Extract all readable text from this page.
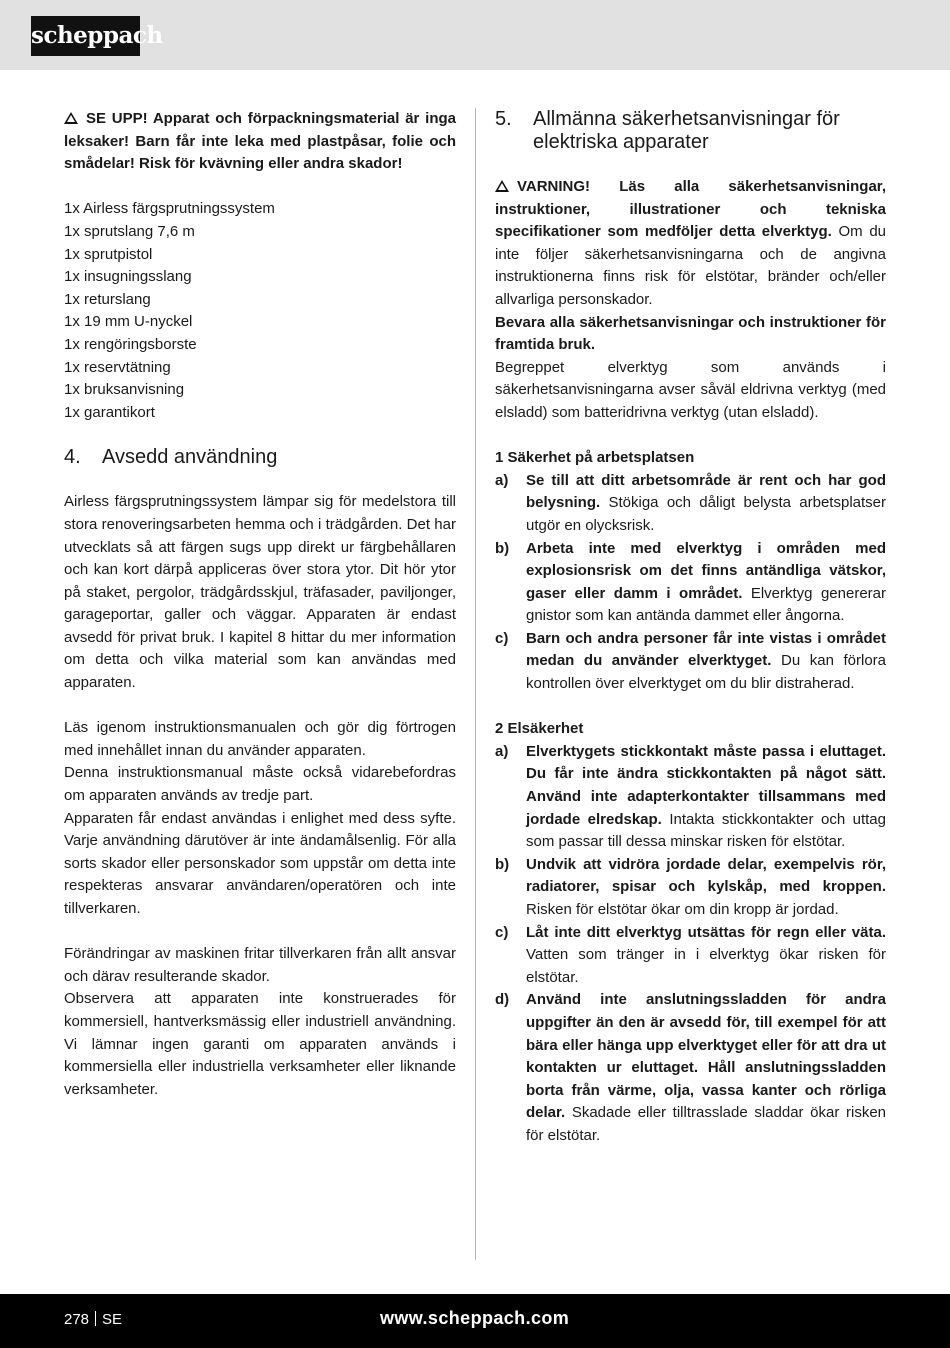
scheppach

SE UPP! Apparat och förpackningsmaterial är inga leksaker! Barn får inte leka med plastpåsar, folie och smådelar! Risk för kvävning eller andra skador!

1x Airless färgsprutningssystem

1x sprutslang 7,6 m

1x sprutpistol

1x insugningsslang

1x returslang

1x 19 mm U-nyckel

1x rengöringsborste

1x reservtätning

1x bruksanvisning

1x garantikort

4.	Avsedd användning

Airless färgsprutningssystem lämpar sig för medelstora till stora renoveringsarbeten hemma och i trädgården. Det har utvecklats så att färgen sugs upp direkt ur färgbehållaren och kan kort därpå appliceras över stora ytor. Dit hör ytor på staket, pergolor, trädgårdsskjul, träfasader, paviljonger, garageportar, galler och väggar. Apparaten är endast avsedd för privat bruk. I kapitel 8 hittar du mer information om detta och vilka material som kan användas med apparaten.

Läs igenom instruktionsmanualen och gör dig förtrogen med innehållet innan du använder apparaten.

Denna instruktionsmanual måste också vidarebefordras om apparaten används av tredje part.

Apparaten får endast användas i enlighet med dess syfte. Varje användning därutöver är inte ändamålsenlig. För alla sorts skador eller personskador som uppstår om detta inte respekteras ansvarar användaren/operatören och inte tillverkaren.

Förändringar av maskinen fritar tillverkaren från allt ansvar och därav resulterande skador.

Observera att apparaten inte konstruerades för kommersiell, hantverksmässig eller industriell användning. Vi lämnar ingen garanti om apparaten används i kommersiella eller industriella verksamheter eller liknande verksamheter.

5.	Allmänna säkerhetsanvisningar för elektriska apparater

VARNING! Läs alla säkerhetsanvisningar, instruktioner, illustrationer och tekniska specifikationer som medföljer detta elverktyg. Om du inte följer säkerhetsanvisningarna och de angivna instruktionerna finns risk för elstötar, bränder och/eller allvarliga personskador.

Bevara alla säkerhetsanvisningar och instruktioner för framtida bruk.

Begreppet elverktyg som används i säkerhetsanvisningarna avser såväl eldrivna verktyg (med elsladd) som batteridrivna verktyg (utan elsladd).

1 Säkerhet på arbetsplatsen

a)	Se till att ditt arbetsområde är rent och har god belysning. Stökiga och dåligt belysta arbetsplatser utgör en olycksrisk.
b)	Arbeta inte med elverktyg i områden med explosionsrisk om det finns antändliga vätskor, gaser eller damm i området. Elverktyg genererar gnistor som kan antända dammet eller ångorna.
c)	Barn och andra personer får inte vistas i området medan du använder elverktyget. Du kan förlora kontrollen över elverktyget om du blir distraherad.

2 Elsäkerhet

a)	Elverktygets stickkontakt måste passa i eluttaget. Du får inte ändra stickkontakten på något sätt. Använd inte adapterkontakter tillsammans med jordade elredskap. Intakta stickkontakter och uttag som passar till dessa minskar risken för elstötar.
b)	Undvik att vidröra jordade delar, exempelvis rör, radiatorer, spisar och kylskåp, med kroppen. Risken för elstötar ökar om din kropp är jordad.
c)	Låt inte ditt elverktyg utsättas för regn eller väta. Vatten som tränger in i elverktyg ökar risken för elstötar.
d)	Använd inte anslutningssladden för andra uppgifter än den är avsedd för, till exempel för att bära eller hänga upp elverktyget eller för att dra ut kontakten ur eluttaget. Håll anslutningssladden borta från värme, olja, vassa kanter och rörliga delar. Skadade eller tilltrasslade sladdar ökar risken för elstötar.
278 SE	www.scheppach.com
